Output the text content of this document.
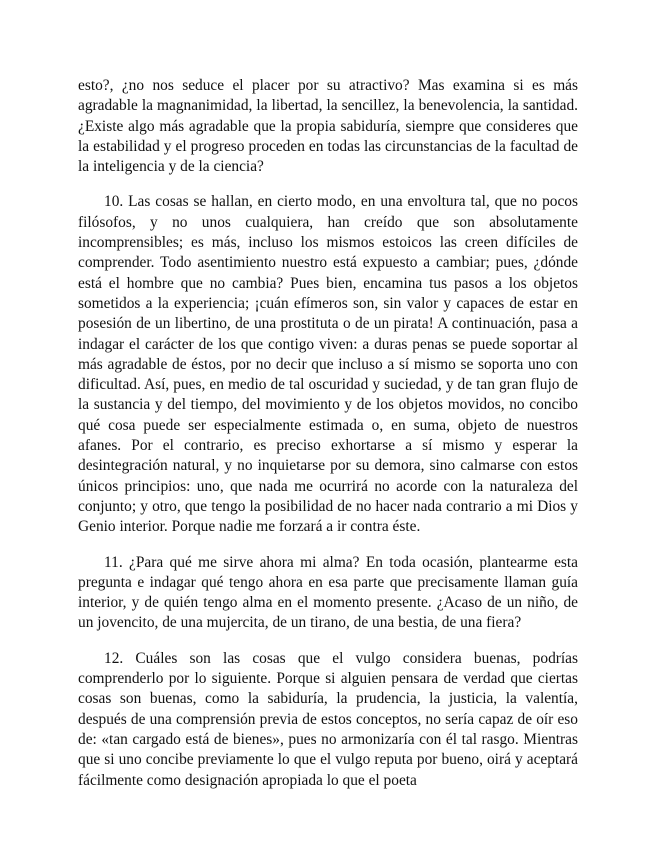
esto?, ¿no nos seduce el placer por su atractivo? Mas examina si es más agradable la magnanimidad, la libertad, la sencillez, la benevolencia, la santidad. ¿Existe algo más agradable que la propia sabiduría, siempre que consideres que la estabilidad y el progreso proceden en todas las circunstancias de la facultad de la inteligencia y de la ciencia?

10. Las cosas se hallan, en cierto modo, en una envoltura tal, que no pocos filósofos, y no unos cualquiera, han creído que son absolutamente incomprensibles; es más, incluso los mismos estoicos las creen difíciles de comprender. Todo asentimiento nuestro está expuesto a cambiar; pues, ¿dónde está el hombre que no cambia? Pues bien, encamina tus pasos a los objetos sometidos a la experiencia; ¡cuán efímeros son, sin valor y capaces de estar en posesión de un libertino, de una prostituta o de un pirata! A continuación, pasa a indagar el carácter de los que contigo viven: a duras penas se puede soportar al más agradable de éstos, por no decir que incluso a sí mismo se soporta uno con dificultad. Así, pues, en medio de tal oscuridad y suciedad, y de tan gran flujo de la sustancia y del tiempo, del movimiento y de los objetos movidos, no concibo qué cosa puede ser especialmente estimada o, en suma, objeto de nuestros afanes. Por el contrario, es preciso exhortarse a sí mismo y esperar la desintegración natural, y no inquietarse por su demora, sino calmarse con estos únicos principios: uno, que nada me ocurrirá no acorde con la naturaleza del conjunto; y otro, que tengo la posibilidad de no hacer nada contrario a mi Dios y Genio interior. Porque nadie me forzará a ir contra éste.

11. ¿Para qué me sirve ahora mi alma? En toda ocasión, plantearme esta pregunta e indagar qué tengo ahora en esa parte que precisamente llaman guía interior, y de quién tengo alma en el momento presente. ¿Acaso de un niño, de un jovencito, de una mujercita, de un tirano, de una bestia, de una fiera?

12. Cuáles son las cosas que el vulgo considera buenas, podrías comprenderlo por lo siguiente. Porque si alguien pensara de verdad que ciertas cosas son buenas, como la sabiduría, la prudencia, la justicia, la valentía, después de una comprensión previa de estos conceptos, no sería capaz de oír eso de: «tan cargado está de bienes», pues no armonizaría con él tal rasgo. Mientras que si uno concibe previamente lo que el vulgo reputa por bueno, oirá y aceptará fácilmente como designación apropiada lo que el poeta
